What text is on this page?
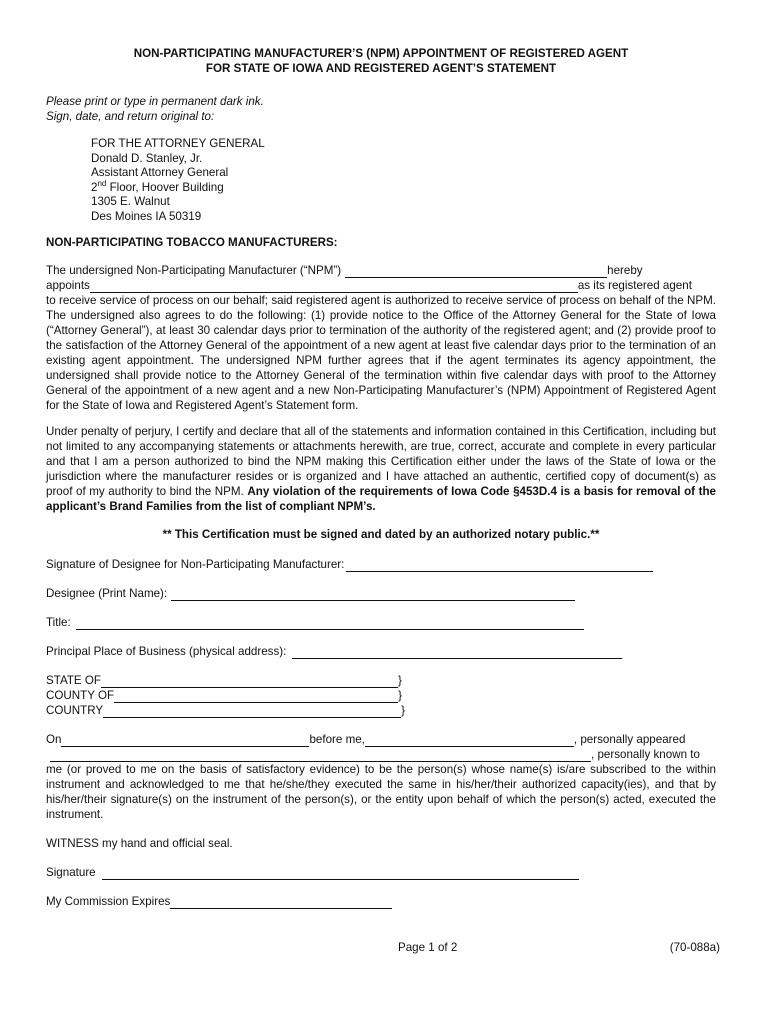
NON-PARTICIPATING MANUFACTURER’S (NPM) APPOINTMENT OF REGISTERED AGENT
FOR STATE OF IOWA AND REGISTERED AGENT’S STATEMENT
Please print or type in permanent dark ink.
Sign, date, and return original to:
FOR THE ATTORNEY GENERAL
Donald D. Stanley, Jr.
Assistant Attorney General
2nd Floor, Hoover Building
1305 E. Walnut
Des Moines IA 50319
NON-PARTICIPATING TOBACCO MANUFACTURERS:
The undersigned Non-Participating Manufacturer (“NPM”)	hereby
appoints	as its registered agent
to receive service of process on our behalf; said registered agent is authorized to receive service of process on behalf of the NPM. The undersigned also agrees to do the following: (1) provide notice to the Office of the Attorney General for the State of Iowa (“Attorney General”), at least 30 calendar days prior to termination of the authority of the registered agent; and (2) provide proof to the satisfaction of the Attorney General of the appointment of a new agent at least five calendar days prior to the termination of an existing agent appointment. The undersigned NPM further agrees that if the agent terminates its agency appointment, the undersigned shall provide notice to the Attorney General of the termination within five calendar days with proof to the Attorney General of the appointment of a new agent and a new Non-Participating Manufacturer’s (NPM) Appointment of Registered Agent for the State of Iowa and Registered Agent’s Statement form.
Under penalty of perjury, I certify and declare that all of the statements and information contained in this Certification, including but not limited to any accompanying statements or attachments herewith, are true, correct, accurate and complete in every particular and that I am a person authorized to bind the NPM making this Certification either under the laws of the State of Iowa or the jurisdiction where the manufacturer resides or is organized and I have attached an authentic, certified copy of document(s) as proof of my authority to bind the NPM. Any violation of the requirements of Iowa Code §453D.4 is a basis for removal of the applicant’s Brand Families from the list of compliant NPM’s.
** This Certification must be signed and dated by an authorized notary public.**
Signature of Designee for Non-Participating Manufacturer:
Designee (Print Name):
Title:
Principal Place of Business (physical address):
STATE OF	}
COUNTY OF	}
COUNTRY	}
On	before me,	, personally appeared
, personally known to
me (or proved to me on the basis of satisfactory evidence) to be the person(s) whose name(s) is/are subscribed to the within instrument and acknowledged to me that he/she/they executed the same in his/her/their authorized capacity(ies), and that by his/her/their signature(s) on the instrument of the person(s), or the entity upon behalf of which the person(s) acted, executed the instrument.
WITNESS my hand and official seal.
Signature
My Commission Expires
Page 1 of 2	(70-088a)
